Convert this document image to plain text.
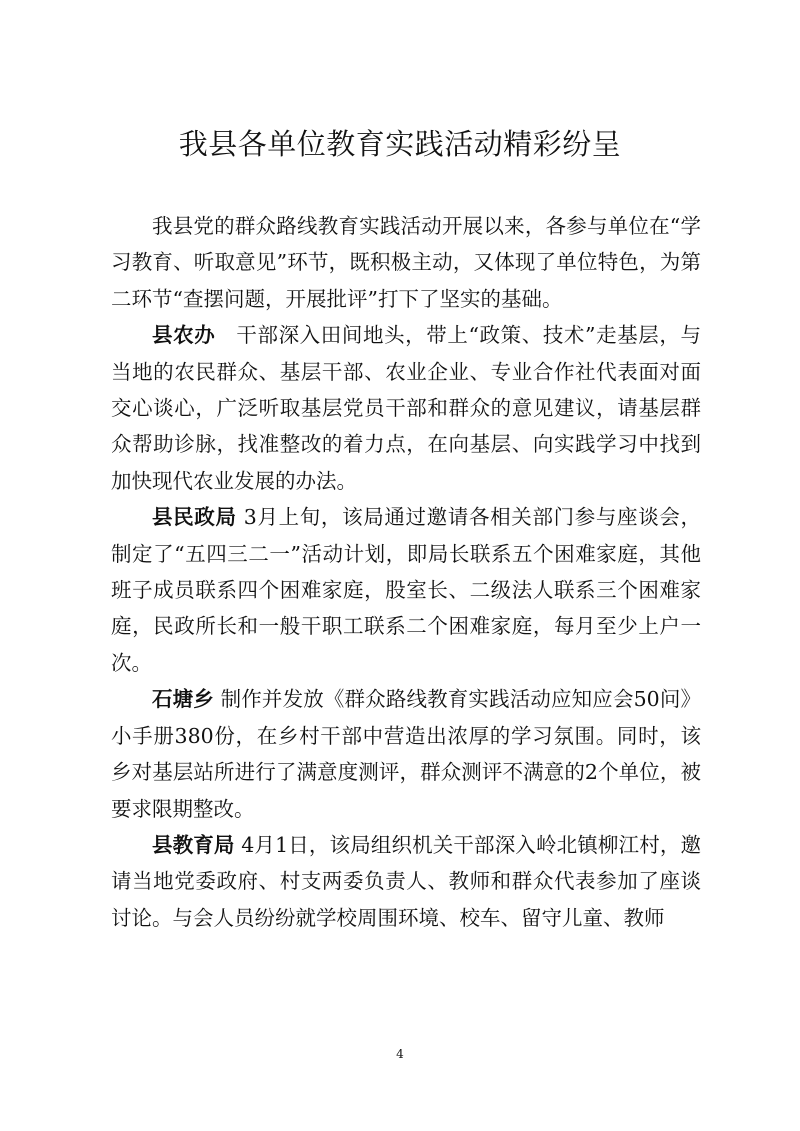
我县各单位教育实践活动精彩纷呈

我县党的群众路线教育实践活动开展以来，各参与单位在“学习教育、听取意见”环节，既积极主动，又体现了单位特色，为第二环节“查摆问题，开展批评”打下了坚实的基础。

县农办　干部深入田间地头，带上“政策、技术”走基层，与当地的农民群众、基层干部、农业企业、专业合作社代表面对面交心谈心，广泛听取基层党员干部和群众的意见建议，请基层群众帮助诊脉，找准整改的着力点，在向基层、向实践学习中找到加快现代农业发展的办法。

县民政局 3月上旬，该局通过邀请各相关部门参与座谈会，制定了“五四三二一”活动计划，即局长联系五个困难家庭，其他班子成员联系四个困难家庭，股室长、二级法人联系三个困难家庭，民政所长和一般干职工联系二个困难家庭，每月至少上户一次。

石塘乡 制作并发放《群众路线教育实践活动应知应会50问》小手册380份，在乡村干部中营造出浓厚的学习氛围。同时，该乡对基层站所进行了满意度测评，群众测评不满意的2个单位，被要求限期整改。

县教育局 4月1日，该局组织机关干部深入岭北镇柳江村，邀请当地党委政府、村支两委负责人、教师和群众代表参加了座谈讨论。与会人员纷纷就学校周围环境、校车、留守儿童、教师

4
